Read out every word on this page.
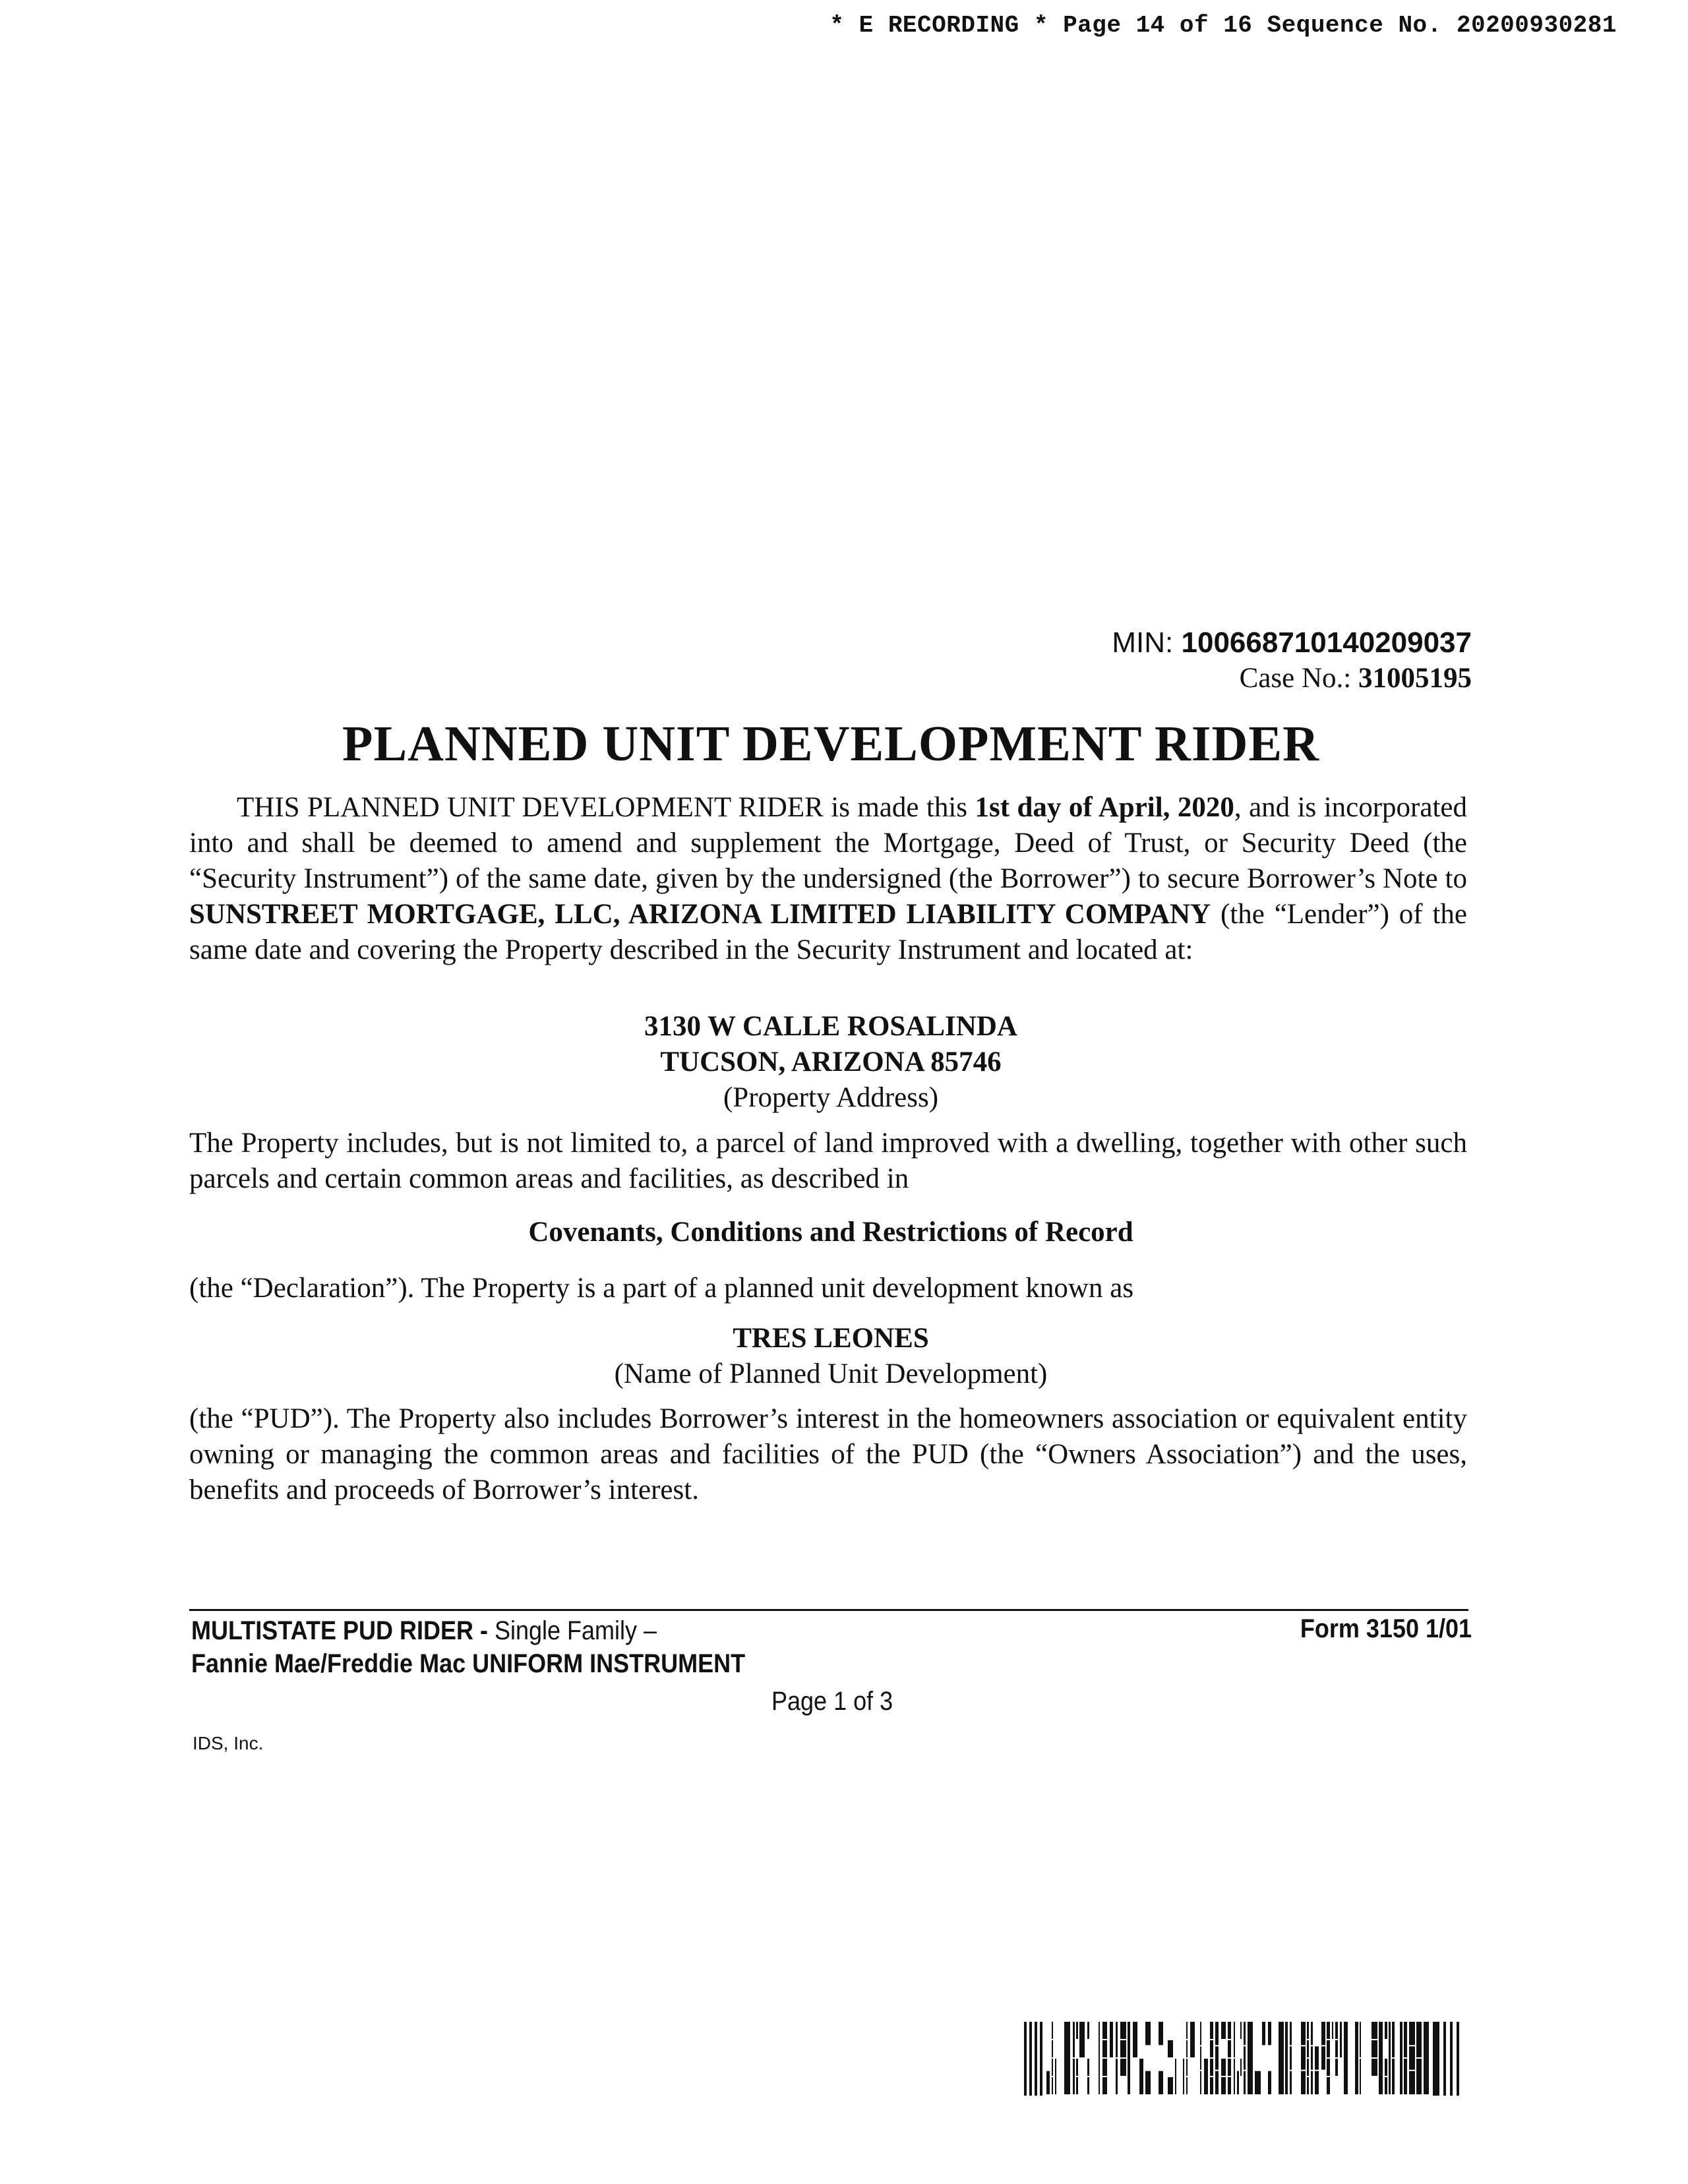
* E RECORDING * Page 14 of 16 Sequence No. 20200930281
MIN: 100668710140209037
Case No.: 31005195
PLANNED UNIT DEVELOPMENT RIDER
THIS PLANNED UNIT DEVELOPMENT RIDER is made this 1st day of April, 2020, and is incorporated into and shall be deemed to amend and supplement the Mortgage, Deed of Trust, or Security Deed (the “Security Instrument”) of the same date, given by the undersigned (the Borrower”) to secure Borrower’s Note to SUNSTREET MORTGAGE, LLC, ARIZONA LIMITED LIABILITY COMPANY (the “Lender”) of the same date and covering the Property described in the Security Instrument and located at:
3130 W CALLE ROSALINDA
TUCSON, ARIZONA 85746
(Property Address)
The Property includes, but is not limited to, a parcel of land improved with a dwelling, together with other such parcels and certain common areas and facilities, as described in
Covenants, Conditions and Restrictions of Record
(the “Declaration”). The Property is a part of a planned unit development known as
TRES LEONES
(Name of Planned Unit Development)
(the “PUD”). The Property also includes Borrower’s interest in the homeowners association or equivalent entity owning or managing the common areas and facilities of the PUD (the “Owners Association”) and the uses, benefits and proceeds of Borrower’s interest.
MULTISTATE PUD RIDER - Single Family –
Fannie Mae/Freddie Mac UNIFORM INSTRUMENT
Form 3150 1/01
Page 1 of 3
IDS, Inc.
